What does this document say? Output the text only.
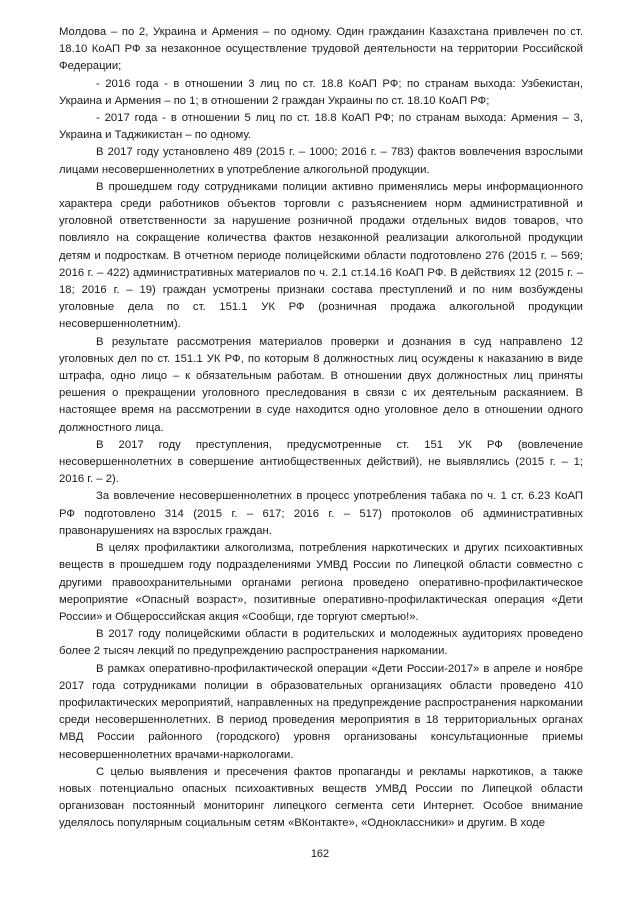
Молдова – по 2, Украина и Армения – по одному. Один гражданин Казахстана привлечен по ст. 18.10 КоАП РФ за незаконное осуществление трудовой деятельности на территории Российской Федерации;

- 2016 года - в отношении 3 лиц по ст. 18.8 КоАП РФ; по странам выхода: Узбекистан, Украина и Армения – по 1; в отношении 2 граждан Украины по ст. 18.10 КоАП РФ;

- 2017 года - в отношении 5 лиц по ст. 18.8 КоАП РФ; по странам выхода: Армения – 3, Украина и Таджикистан – по одному.

В 2017 году установлено 489 (2015 г. – 1000; 2016 г. – 783) фактов вовлечения взрослыми лицами несовершеннолетних в употребление алкогольной продукции.

В прошедшем году сотрудниками полиции активно применялись меры информационного характера среди работников объектов торговли с разъяснением норм административной и уголовной ответственности за нарушение розничной продажи отдельных видов товаров, что повлияло на сокращение количества фактов незаконной реализации алкогольной продукции детям и подросткам. В отчетном периоде полицейскими области подготовлено 276 (2015 г. – 569; 2016 г. – 422) административных материалов по ч. 2.1 ст.14.16 КоАП РФ. В действиях 12 (2015 г. – 18; 2016 г. – 19) граждан усмотрены признаки состава преступлений и по ним возбуждены уголовные дела по ст. 151.1 УК РФ (розничная продажа алкогольной продукции несовершеннолетним).

В результате рассмотрения материалов проверки и дознания в суд направлено 12 уголовных дел по ст. 151.1 УК РФ, по которым 8 должностных лиц осуждены к наказанию в виде штрафа, одно лицо – к обязательным работам. В отношении двух должностных лиц приняты решения о прекращении уголовного преследования в связи с их деятельным раскаянием. В настоящее время на рассмотрении в суде находится одно уголовное дело в отношении одного должностного лица.

В 2017 году преступления, предусмотренные ст. 151 УК РФ (вовлечение несовершеннолетних в совершение антиобщественных действий), не выявлялись (2015 г. – 1; 2016 г. – 2).

За вовлечение несовершеннолетних в процесс употребления табака по ч. 1 ст. 6.23 КоАП РФ подготовлено 314 (2015 г. – 617; 2016 г. – 517) протоколов об административных правонарушениях на взрослых граждан.

В целях профилактики алкоголизма, потребления наркотических и других психоактивных веществ в прошедшем году подразделениями УМВД России по Липецкой области совместно с другими правоохранительными органами региона проведено оперативно-профилактическое мероприятие «Опасный возраст», позитивные оперативно-профилактическая операция «Дети России» и Общероссийская акция «Сообщи, где торгуют смертью!».

В 2017 году полицейскими области в родительских и молодежных аудиториях проведено более 2 тысяч лекций по предупреждению распространения наркомании.

В рамках оперативно-профилактической операции «Дети России-2017» в апреле и ноябре 2017 года сотрудниками полиции в образовательных организациях области проведено 410 профилактических мероприятий, направленных на предупреждение распространения наркомании среди несовершеннолетних. В период проведения мероприятия в 18 территориальных органах МВД России районного (городского) уровня организованы консультационные приемы несовершеннолетних врачами-наркологами.

С целью выявления и пресечения фактов пропаганды и рекламы наркотиков, а также новых потенциально опасных психоактивных веществ УМВД России по Липецкой области организован постоянный мониторинг липецкого сегмента сети Интернет. Особое внимание уделялось популярным социальным сетям «ВКонтакте», «Одноклассники» и другим. В ходе

162
